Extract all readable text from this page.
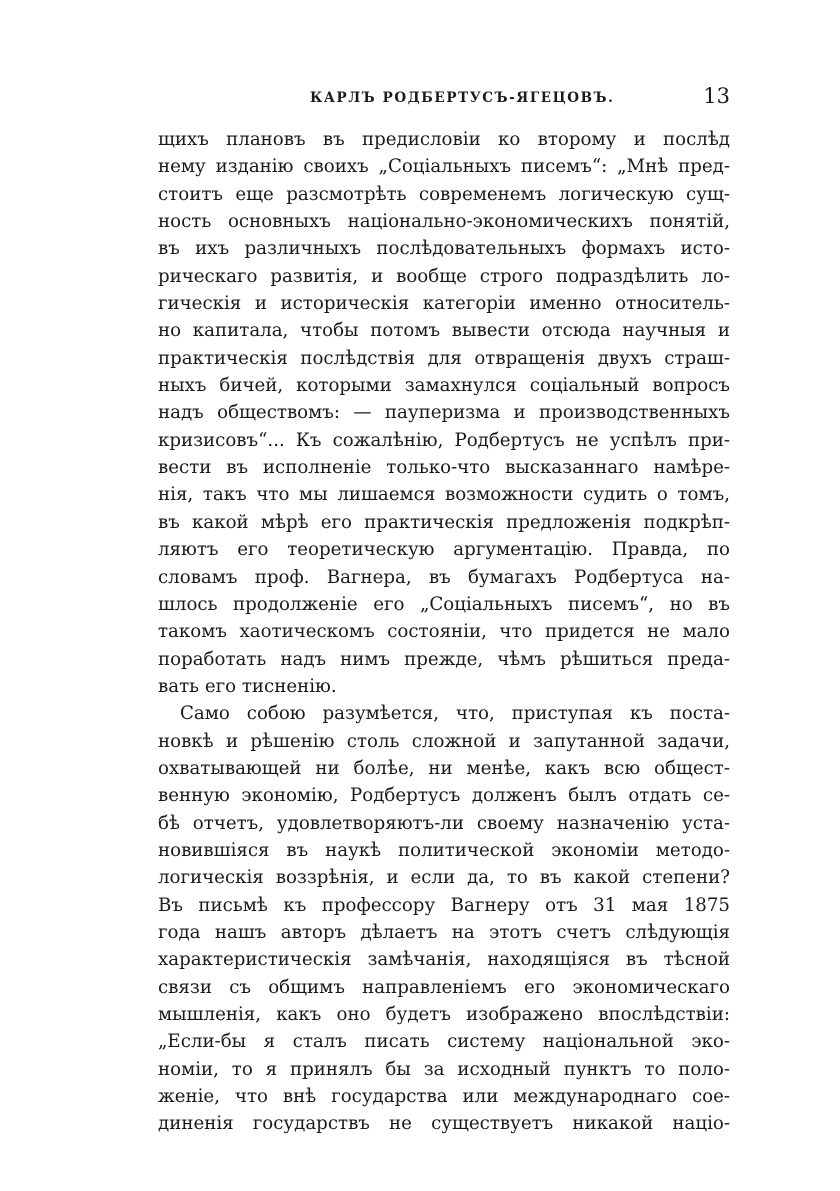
КАРЛЪ РОДБЕРТУСЪ-ЯГЕЦОВЪ.	13
щихъ плановъ въ предисловіи ко второму и послѣд
нему изданію своихъ „Соціальныхъ писемъ“: „Мнѣ пред-
стоитъ еще разсмотрѣть современемъ логическую сущ-
ность основныхъ національно-экономическихъ понятій,
въ ихъ различныхъ послѣдовательныхъ формахъ исто-
рическаго развитія, и вообще строго подраздѣлить ло-
гическія и историческія категоріи именно относитель-
но капитала, чтобы потомъ вывести отсюда научныя и
практическія послѣдствія для отвращенія двухъ страш-
ныхъ бичей, которыми замахнулся соціальный вопросъ
надъ обществомъ: — пауперизма и производственныхъ
кризисовъ“... Къ сожалѣнію, Родбертусъ не успѣлъ при-
вести въ исполненіе только-что высказаннаго намѣре-
нія, такъ что мы лишаемся возможности судить о томъ,
въ какой мѣрѣ его практическія предложенія подкрѣп-
ляютъ его теоретическую аргументацію. Правда, по
словамъ проф. Вагнера, въ бумагахъ Родбертуса на-
шлось продолженіе его „Соціальныхъ писемъ“, но въ
такомъ хаотическомъ состояніи, что придется не мало
поработать надъ нимъ прежде, чѣмъ рѣшиться преда-
вать его тисненію.
Само собою разумѣется, что, приступая къ поста-
новкѣ и рѣшенію столь сложной и запутанной задачи,
охватывающей ни болѣе, ни менѣе, какъ всю общест-
венную экономію, Родбертусъ долженъ былъ отдать се-
бѣ отчетъ, удовлетворяютъ-ли своему назначенію уста-
новившіяся въ наукѣ политической экономіи методо-
логическія воззрѣнія, и если да, то въ какой степени?
Въ письмѣ къ профессору Вагнеру отъ 31 мая 1875
года нашъ авторъ дѣлаетъ на этотъ счетъ слѣдующія
характеристическія замѣчанія, находящіяся въ тѣсной
связи съ общимъ направленіемъ его экономическаго
мышленія, какъ оно будетъ изображено впослѣдствіи:
„Если-бы я сталъ писать систему національной эко-
номіи, то я принялъ бы за исходный пунктъ то поло-
женіе, что внѣ государства или международнаго сое-
диненія государствъ не существуетъ никакой націо-
